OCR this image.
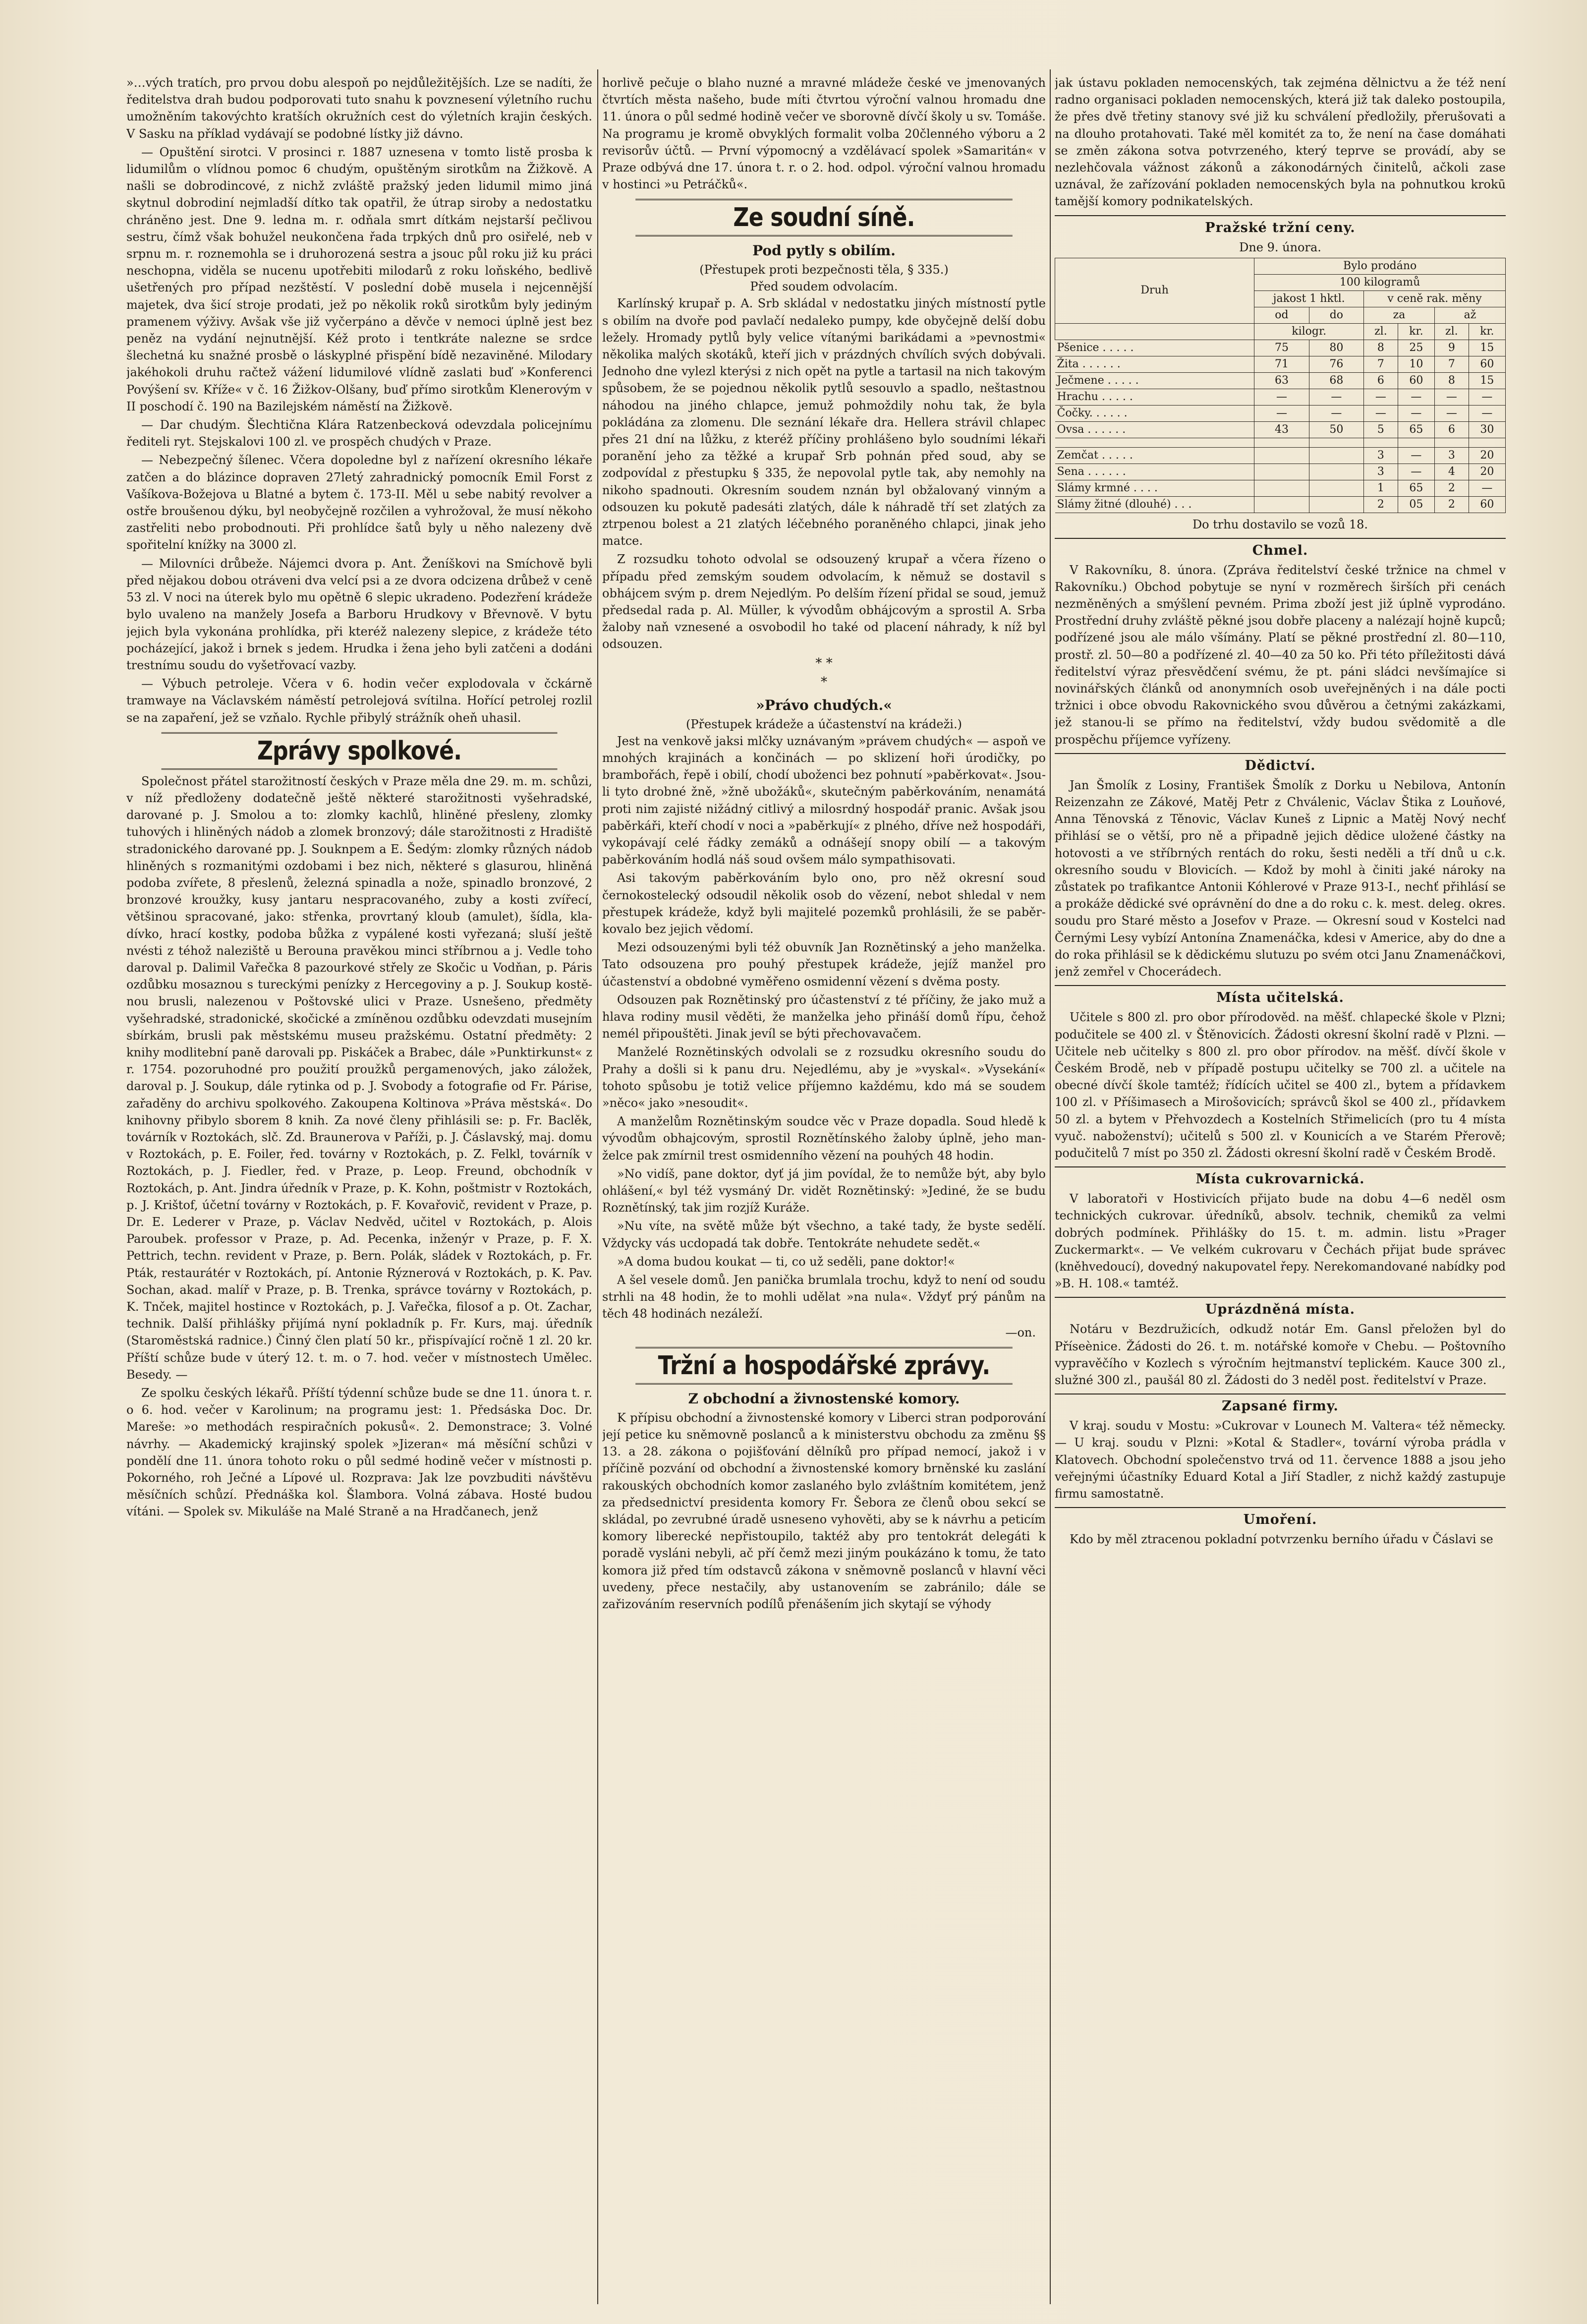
»…vých tratích, pro prvou dobu alespoň po nejdůležitějších. Lze se nadíti, že ředitelstva drah budou podporovati tuto snahu k povznesení výletního ruchu umožněním takovýchto kratších okružních cest do výletních krajin českých. V Sasku na příklad vydávají se podobné lístky již dávno.

— Opuštění sirotci. V prosinci r. 1887 uznesena v tomto listě prosba k lidumilům o vlídnou pomoc 6 chudým, opuštěným sirotkům na Žižkově. A našli se dobrodincové, z nichž zvláště pražský jeden lidumil mimo jiná skytnul dobrodiní nejmladší dítko tak opatřil, že útrap siroby a nedostatku chráněno jest. Dne 9. ledna m. r. odňala smrt dítkám nejstarší pečlivou sestru, čímž však bohužel neukončena řada trpkých dnů pro osiřelé, neb v srpnu m. r. roznemohla se i druhorozená sestra a jsouc půl roku již ku práci neschopna, viděla se nucenu upotřebiti milodarů z roku loňského, bedlivě ušetřených pro případ nezštěstí. V poslední době musela i nejcennější majetek, dva šicí stroje prodati, jež po několik roků sirotkům byly jediným pramenem výživy. Avšak vše již vyčerpáno a děvče v nemoci úplně jest bez peněz na vydání nejnutnější. Kéž proto i tentkráte nalezne se srdce šlechetná ku snažné prosbě o láskyplné přispění bídě nezaviněné. Milodary jakéhokoli druhu račtež vážení lidumilové vlídně zaslati buď »Konferenci Povýšení sv. Kříže« v č. 16 Žižkov-Olšany, buď přímo sirotkům Klenerovým v II poschodí č. 190 na Bazilejském náměstí na Žižkově.

— Dar chudým. Šlechtična Klára Ratzenbecková odevzdala policejnímu řediteli ryt. Stejskalovi 100 zl. ve prospěch chudých v Praze.

— Nebezpečný šílenec. Včera dopoledne byl z nařízení okresního lékaře zatčen a do blázince dopraven 27letý zahradnický pomocník Emil Forst z Vašíkova-Božejova u Blatné a bytem č. 173-II. Měl u sebe nabitý revolver a ostře broušenou dýku, byl neobyčejně rozčilen a vyhrožoval, že musí někoho zastřeliti nebo probodnouti. Při prohlídce šatů byly u něho nalezeny dvě spořitelní knížky na 3000 zl.

— Milovníci drůbeže. Nájemci dvora p. Ant. Ženíškovi na Smíchově byli před nějakou dobou otráveni dva velcí psi a ze dvora odcizena drůbež v ceně 53 zl. V noci na úterek bylo mu opětně 6 slepic ukradeno. Podezření krádeže bylo uvaleno na manžely Josefa a Barboru Hrudkovy v Břevnově. V bytu jejich byla vykonána prohlídka, při kteréž nalezeny slepice, z krádeže této pocházející, jakož i brnek s jedem. Hrudka i žena jeho byli zatčeni a dodáni trestnímu soudu do vyšetřovací vazby.

— Výbuch petroleje. Včera v 6. hodin večer explodovala v čckárně tramwaye na Václavském náměstí petrolejová svítilna. Hořící petrolej rozlil se na zapaření, jež se vzňalo. Rychle přibylý strážník oheň uhasil.

Zprávy spolkové.

Společnost přátel starožitností českých v Praze měla dne 29. m. m. schůzi, v níž předloženy dodatečně ještě některé starožitnosti vyšehradské, darované p. J. Smolou a to: zlomky kachlů, hliněné přesleny, zlomky tuhových i hliněných nádob a zlomek bronzový; dále starožitnosti z Hradiště stradonického darované pp. J. Souknpem a E. Šedým: zlomky různých nádob hliněných s rozmanitými ozdobami i bez nich, některé s glasurou, hliněná podoba zvířete, 8 přeslenů, železná spinadla a nože, spinadlo bronzové, 2 bronzové kroužky, kusy jantaru nespracovaného, zuby a kosti zvířecí, většinou spracované, jako: střenka, provrtaný kloub (amulet), šídla, kladívko, hrací kostky, podoba bůžka z vypálené kosti vyřezaná; sluší ještě nvésti z téhož naleziště u Berouna pravěkou minci stříbrnou a j. Vedle toho daroval p. Dalimil Vařečka 8 pazourkové střely ze Skočic u Vodňan, p. Páris ozdůbku mosaznou s tureckými penízky z Hercegoviny a p. J. Soukup kostěnou brusli, nalezenou v Poštovské ulici v Praze. Usnešeno, předměty vyšehradské, stradonické, skočické a zmíněnou ozdůbku odevzdati musejním sbírkám, brusli pak městskému museu pražskému. Ostatní předměty: 2 knihy modlitební paně darovali pp. Piskáček a Brabec, dále »Punktirkunst« z r. 1754. pozoruhodné pro použití proužků pergamenových, jako záložek, daroval p. J. Soukup, dále rytinka od p. J. Svobody a fotografie od Fr. Párise, zařaděny do archivu spolkového. Zakoupena Koltinova »Práva městská«. Do knihovny přibylo sborem 8 knih. Za nové členy přihlásili se: p. Fr. Baclěk, továrník v Roztokách, slč. Zd. Braunerova v Paříži, p. J. Čáslavský, maj. domu v Roztokách, p. E. Foiler, řed. továrny v Roztokách, p. Z. Felkl, továrník v Roztokách, p. J. Fiedler, řed. v Praze, p. Leop. Freund, obchodník v Roztokách, p. Ant. Jindra úředník v Praze, p. K. Kohn, poštmistr v Roztokách, p. J. Krištof, účetní továrny v Roztokách, p. F. Kovařovič, revident v Praze, p. Dr. E. Lederer v Praze, p. Václav Nedvěd, učitel v Roztokách, p. Alois Paroubek. professor v Praze, p. Ad. Pecenka, inženýr v Praze, p. F. X. Pettrich, techn. revident v Praze, p. Bern. Polák, sládek v Roztokách, p. Fr. Pták, restaurátér v Roztokách, pí. Antonie Rýznerová v Roztokách, p. K. Pav. Sochan, akad. malíř v Praze, p. B. Trenka, správce továrny v Roztokách, p. K. Tnček, majitel hostince v Roztokách, p. J. Vařečka, filosof a p. Ot. Zachar, technik. Další přihlášky přijímá nyní pokladník p. Fr. Kurs, maj. úředník (Staroměstská radnice.) Činný člen platí 50 kr., přispívající ročně 1 zl. 20 kr. Příští schůze bude v úterý 12. t. m. o 7. hod. večer v místnostech Umělec. Besedy. —

Ze spolku českých lékařů. Příští týdenní schůze bude se dne 11. února t. r. o 6. hod. večer v Karolinum; na programu jest: 1. Předsáska Doc. Dr. Mareše: »o methodách respiračních pokusů«. 2. Demonstrace; 3. Volné návrhy. — Akademický krajinský spolek »Jizeran« má měsíční schůzi v pondělí dne 11. února tohoto roku o půl sedmé hodině večer v místnosti p. Pokorného, roh Ječné a Lípové ul. Rozprava: Jak lze povzbuditi návštěvu měsíčních schůzí. Přednáška kol. Šlambora. Volná zábava. Hosté budou vítáni. — Spolek sv. Mikuláše na Malé Straně a na Hradčanech, jenž

horlivě pečuje o blaho nuzné a mravné mládeže české ve jmenovaných čtvrtích města našeho, bude míti čtvrtou výroční valnou hromadu dne 11. února o půl sedmé hodině večer ve sborovně dívčí školy u sv. Tomáše. Na programu je kromě obvyklých formalit volba 20členného výboru a 2 revisorův účtů. — První výpomocný a vzdělávací spolek »Samaritán« v Praze odbývá dne 17. února t. r. o 2. hod. odpol. výroční valnou hromadu v hostinci »u Petráčků«.

Ze soudní síně.
Pod pytly s obilím.
(Přestupek proti bezpečnosti těla, § 335.)
Před soudem odvolacím.

Karlínský krupař p. A. Srb skládal v nedostatku jiných místností pytle s obilím na dvoře pod pavlačí nedaleko pumpy, kde obyčejně delší dobu ležely. Hromady pytlů byly velice vítanými barikádami a »pevnostmi« několika malých skotáků, kteří jich v prázdných chvílích svých dobývali. Jednoho dne vylezl kterýsi z nich opět na pytle a tartasil na nich takovým spůsobem, že se pojednou několik pytlů sesouvlo a spadlo, neštastnou náhodou na jiného chlapce, jemuž pohmoždily nohu tak, že byla pokládána za zlomenu. Dle seznání lékaře dra. Hellera strávil chlapec přes 21 dní na lůžku, z kteréž příčiny prohlášeno bylo soudními lékaři poranění jeho za těžké a krupař Srb pohnán před soud, aby se zodpovídal z přestupku § 335, že nepovolal pytle tak, aby nemohly na nikoho spadnouti. Okresním soudem nznán byl obžalovaný vinným a odsouzen ku pokutě padesáti zlatých, dále k náhradě tří set zlatých za ztrpenou bolest a 21 zlatých léčebného poraněného chlapci, jinak jeho matce.

Z rozsudku tohoto odvolal se odsouzený krupař a včera řízeno o případu před zemským soudem odvolacím, k němuž se dostavil s obhájcem svým p. drem Nejedlým. Po delším řízení přidal se soud, jemuž předsedal rada p. Al. Müller, k vývodům obhájcovým a sprostil A. Srba žaloby naň vznesené a osvobodil ho také od placení náhrady, k níž byl odsouzen.

* *
*
»Právo chudých.«
(Přestupek krádeže a účastenství na krádeži.)

Jest na venkově jaksi mlčky uznávaným »právem chudých« — aspoň ve mnohých krajinách a končinách — po sklizení hoři úrodičky, po brambořách, řepě i obilí, chodí uboženci bez pohnutí »paběrkovat«. Jsou-li tyto drobné žně, »žně ubožáků«, skutečným paběrkováním, nenamátá proti nim zajisté nižádný citlivý a milosrdný hospodář pranic. Avšak jsou paběrkáři, kteří chodí v noci a »paběrkují« z plného, dříve než hospodáři, vykopávají celé řádky zemáků a odnášejí snopy obilí — a takovým paběrkováním hodlá náš soud ovšem málo sympathisovati.

Asi takovým paběrkováním bylo ono, pro něž okresní soud černokostelecký odsoudil několik osob do vězení, nebot shledal v nem přestupek krádeže, když byli majitelé pozemků prohlásili, že se paběrkovalo bez jejich vědomí.

Mezi odsouzenými byli též obuvník Jan Roznětinský a jeho manželka. Tato odsouzena pro pouhý přestupek krádeže, jejíž manžel pro účastenství a obdobné vyměřeno osmidenní vězení s dvěma posty.

Odsouzen pak Roznětinský pro účastenství z té příčiny, že jako muž a hlava rodiny musil věděti, že manželka jeho přináší domů řípu, čehož nemél připouštěti. Jinak jevíl se býti přechovavačem.

Manželé Roznětinských odvolali se z rozsudku okresního soudu do Prahy a došli si k panu dru. Nejedlému, aby je »vyskal«. »Vysekání« tohoto spůsobu je totiž velice příjemno každému, kdo má se soudem »něco« jako »nesoudit«.

A manželům Roznětinským soudce věc v Praze dopadla. Soud hledě k vývodům obhajcovým, sprostil Roznětínského žaloby úplně, jeho manželce pak zmírnil trest osmidenního vězení na pouhých 48 hodin.

»No vidíš, pane doktor, dyť já jim povídal, že to nemůže být, aby bylo ohlášení,« byl též vysmáný Dr. vidět Roznětinský: »Jediné, že se budu Roznětínský, tak jim rozjíž Kuráže.

»Nu víte, na světě může být všechno, a také tady, že byste sedělí. Vždycky vás ucdopadá tak dobře. Tentokráte nehudete sedět.«

»A doma budou koukat — ti, co už seděli, pane doktor!«

A šel vesele domů. Jen panička brumlala trochu, když to není od soudu strhli na 48 hodin, že to mohli udělat »na nula«. Vždyť prý pánům na těch 48 hodinách nezáleží.

—on.
Tržní a hospodářské zprávy.
Z obchodní a živnostenské komory.

K přípisu obchodní a živnostenské komory v Liberci stran podporování její petice ku sněmovně poslanců a k ministerstvu obchodu za změnu §§ 13. a 28. zákona o pojišťování dělníků pro případ nemocí, jakož i v příčině pozvání od obchodní a živnostenské komory brněnské ku zaslání rakouských obchodních komor zaslaného bylo zvláštním komitétem, jenž za předsednictví presidenta komory Fr. Šebora ze členů obou sekcí se skládal, po zevrubné úradě usneseno vyhověti, aby se k návrhu a peticím komory liberecké nepřistoupilo, taktéž aby pro tentokrát delegáti k poradě vysláni nebyli, ač pří čemž mezi jiným poukázáno k tomu, že tato komora již před tím odstavců zákona v sněmovně poslanců v hlavní věci uvedeny, přece nestačily, aby ustanovením se zabránilo; dále se zařizováním reservních podílů přenášením jich skytají se výhody

jak ústavu pokladen nemocenských, tak zejména dělnictvu a že též není radno organisaci pokladen nemocenských, která již tak daleko postoupila, že přes dvě třetiny stanovy své již ku schválení předložily, přerušovati a na dlouho protahovati. Také měl komitét za to, že není na čase domáhati se změn zákona sotva potvrzeného, který teprve se provádí, aby se nezlehčovala vážnost zákonů a zákonodárných činitelů, ačkoli zase uznával, že zařízování pokladen nemocenských byla na pohnutkou krokū tamější komory podnikatelských.

Pražské tržní ceny.
Dne 9. února.
Druh	Bylo prodáno					
	100 kilogramů					
	jakost 1 hktl.		v ceně rak. měny			
	od	do	za		až	
	kilogr.		zl.	kr.	zl.	kr.
Pšenice . . . . .	75	80	8	25	9	15
Žita . . . . . .	71	76	7	10	7	60
Ječmene . . . . .	63	68	6	60	8	15
Hrachu . . . . .	—	—	—	—	—	—
Čočky. . . . . .	—	—	—	—	—	—
Ovsa . . . . . .	43	50	5	65	6	30

Zemčat . . . . .			3	—	3	20
Sena . . . . . .			3	—	4	20
Slámy krmné . . . .			1	65	2	—
Slámy žitné (dlouhé) . . .			2	05	2	60
Do trhu dostavilo se vozů 18.
Chmel.

V Rakovníku, 8. února. (Zpráva ředitelství české tržnice na chmel v Rakovníku.) Obchod pobytuje se nyní v rozměrech širších při cenách nezměněných a smýšlení pevném. Prima zboží jest již úplně vyprodáno. Prostřední druhy zvláště pěkné jsou dobře placeny a nalézají hojně kupců; podřízené jsou ale málo všímány. Platí se pěkné prostřední zl. 80—110, prostř. zl. 50—80 a podřízené zl. 40—40 za 50 ko. Při této příležitosti dává ředitelství výraz přesvědčení svému, že pt. páni sládci nevšímajíce si novinářských článků od anonymních osob uveřejněných i na dále pocti tržnici i obce obvodu Rakovnického svou důvěrou a četnými zakázkami, jež stanou-li se přímo na ředitelství, vždy budou svědomitě a dle prospěchu příjemce vyřízeny.

Dědictví.

Jan Šmolík z Losiny, František Šmolík z Dorku u Nebilova, Antonín Reizenzahn ze Zákové, Matěj Petr z Chválenic, Václav Štika z Louňové, Anna Těnovská z Těnovic, Václav Kuneš z Lipnic a Matěj Nový nechť přihlásí se o větší, pro ně a připadně jejich dědice uložené částky na hotovosti a ve stříbrných rentách do roku, šesti neděli a tří dnů u c.k. okresního soudu v Blovicích. — Kdož by mohl à činiti jaké nároky na zůstatek po trafikantce Antonii Kóhlerové v Praze 913-I., nechť přihlásí se a prokáže dědické své oprávnění do dne a do roku c. k. mest. deleg. okres. soudu pro Staré město a Josefov v Praze. — Okresní soud v Kostelci nad Černými Lesy vybízí Antonína Znamenáčka, kdesi v Americe, aby do dne a do roka přihlásil se k dědickému slutuzu po svém otci Janu Znamenáčkovi, jenž zemřel v Chocerádech.

Místa učitelská.

Učitele s 800 zl. pro obor přírodověd. na měšť. chlapecké škole v Plzni; podučitele se 400 zl. v Štěnovicích. Žádosti okresní školní radě v Plzni. — Učitele neb učitelky s 800 zl. pro obor přírodov. na měšť. dívčí škole v Českém Brodě, neb v případě postupu učitelky se 700 zl. a učitele na obecné dívčí škole tamtéž; řídících učitel se 400 zl., bytem a přídavkem 100 zl. v Příšimasech a Mirošovicích; správců škol se 400 zl., přídavkem 50 zl. a bytem v Přehvozdech a Kostelních Střimelicích (pro tu 4 místa vyuč. naboženství); učitelů s 500 zl. v Kounicích a ve Starém Přerově; podučitelů 7 míst po 350 zl. Žádosti okresní školní radě v Českém Brodě.

Místa cukrovarnická.

V laboratoři v Hostivicích přijato bude na dobu 4—6 neděl osm technických cukrovar. úředníků, absolv. technik, chemiků za velmi dobrých podmínek. Přihlášky do 15. t. m. admin. listu »Prager Zuckermarkt«. — Ve velkém cukrovaru v Čechách přijat bude správec (kněhvedoucí), dovedný nakupovatel řepy. Nerekomandované nabídky pod »B. H. 108.« tamtéž.

Uprázdněná místa.

Notáru v Bezdružicích, odkudž notár Em. Gansl přeložen byl do Příseènice. Žádosti do 26. t. m. notářské komoře v Chebu. — Poštovního vypravěčího v Kozlech s výročním hejtmanství teplickém. Kauce 300 zl., služné 300 zl., paušál 80 zl. Žádosti do 3 neděl post. ředitelství v Praze.

Zapsané firmy.

V kraj. soudu v Mostu: »Cukrovar v Lounech M. Valtera« též německy. — U kraj. soudu v Plzni: »Kotal & Stadler«, tovární výroba prádla v Klatovech. Obchodní společenstvo trvá od 11. července 1888 a jsou jeho veřejnými účastníky Eduard Kotal a Jiří Stadler, z nichž každý zastupuje firmu samostatně.

Umoření.

Kdo by měl ztracenou pokladní potvrzenku berního úřadu v Čáslavi se
